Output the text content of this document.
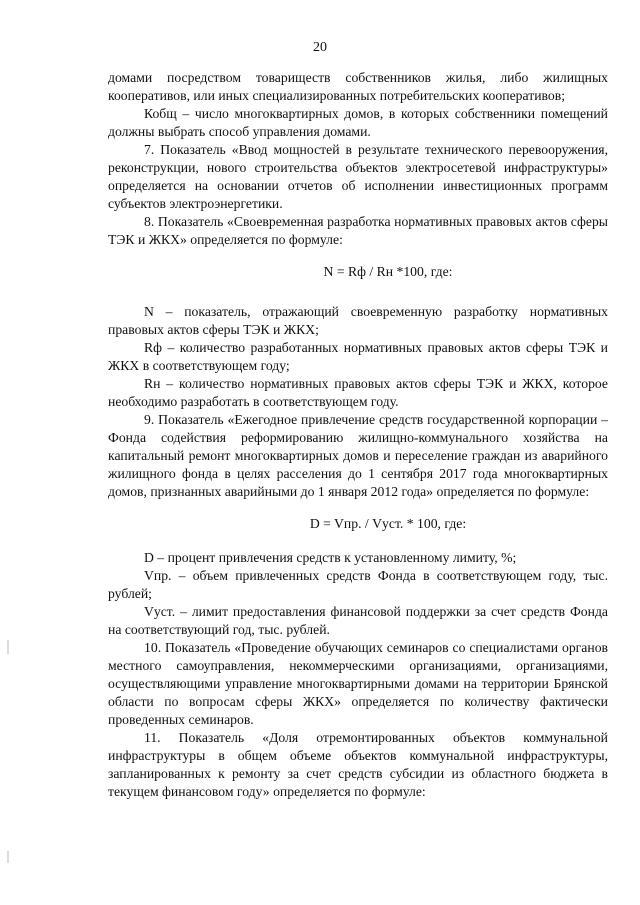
20

домами посредством товариществ собственников жилья, либо жилищных кооперативов, или иных специализированных потребительских кооперативов;

Кобщ – число многоквартирных домов, в которых собственники помещений должны выбрать способ управления домами.

7. Показатель «Ввод мощностей в результате технического перевооружения, реконструкции, нового строительства объектов электросетевой инфраструктуры» определяется на основании отчетов об исполнении инвестиционных программ субъектов электроэнергетики.

8. Показатель «Своевременная разработка нормативных правовых актов сферы ТЭК и ЖКХ» определяется по формуле:

N = Rф / Rн *100, где:

N – показатель, отражающий своевременную разработку нормативных правовых актов сферы ТЭК и ЖКХ;

Rф – количество разработанных нормативных правовых актов сферы ТЭК и ЖКХ в соответствующем году;

Rн – количество нормативных правовых актов сферы ТЭК и ЖКХ, которое необходимо разработать в соответствующем году.

9. Показатель «Ежегодное привлечение средств государственной корпорации – Фонда содействия реформированию жилищно-коммунального хозяйства на капитальный ремонт многоквартирных домов и переселение граждан из аварийного жилищного фонда в целях расселения до 1 сентября 2017 года многоквартирных домов, признанных аварийными до 1 января 2012 года» определяется по формуле:

D = Vпр. / Vуст. * 100, где:

D – процент привлечения средств к установленному лимиту, %;

Vпр. – объем привлеченных средств Фонда в соответствующем году, тыс. рублей;

Vуст. – лимит предоставления финансовой поддержки за счет средств Фонда на соответствующий год, тыс. рублей.

10. Показатель «Проведение обучающих семинаров со специалистами органов местного самоуправления, некоммерческими организациями, организациями, осуществляющими управление многоквартирными домами на территории Брянской области по вопросам сферы ЖКХ» определяется по количеству фактически проведенных семинаров.

11. Показатель «Доля отремонтированных объектов коммунальной инфраструктуры в общем объеме объектов коммунальной инфраструктуры, запланированных к ремонту за счет средств субсидии из областного бюджета в текущем финансовом году» определяется по формуле:
